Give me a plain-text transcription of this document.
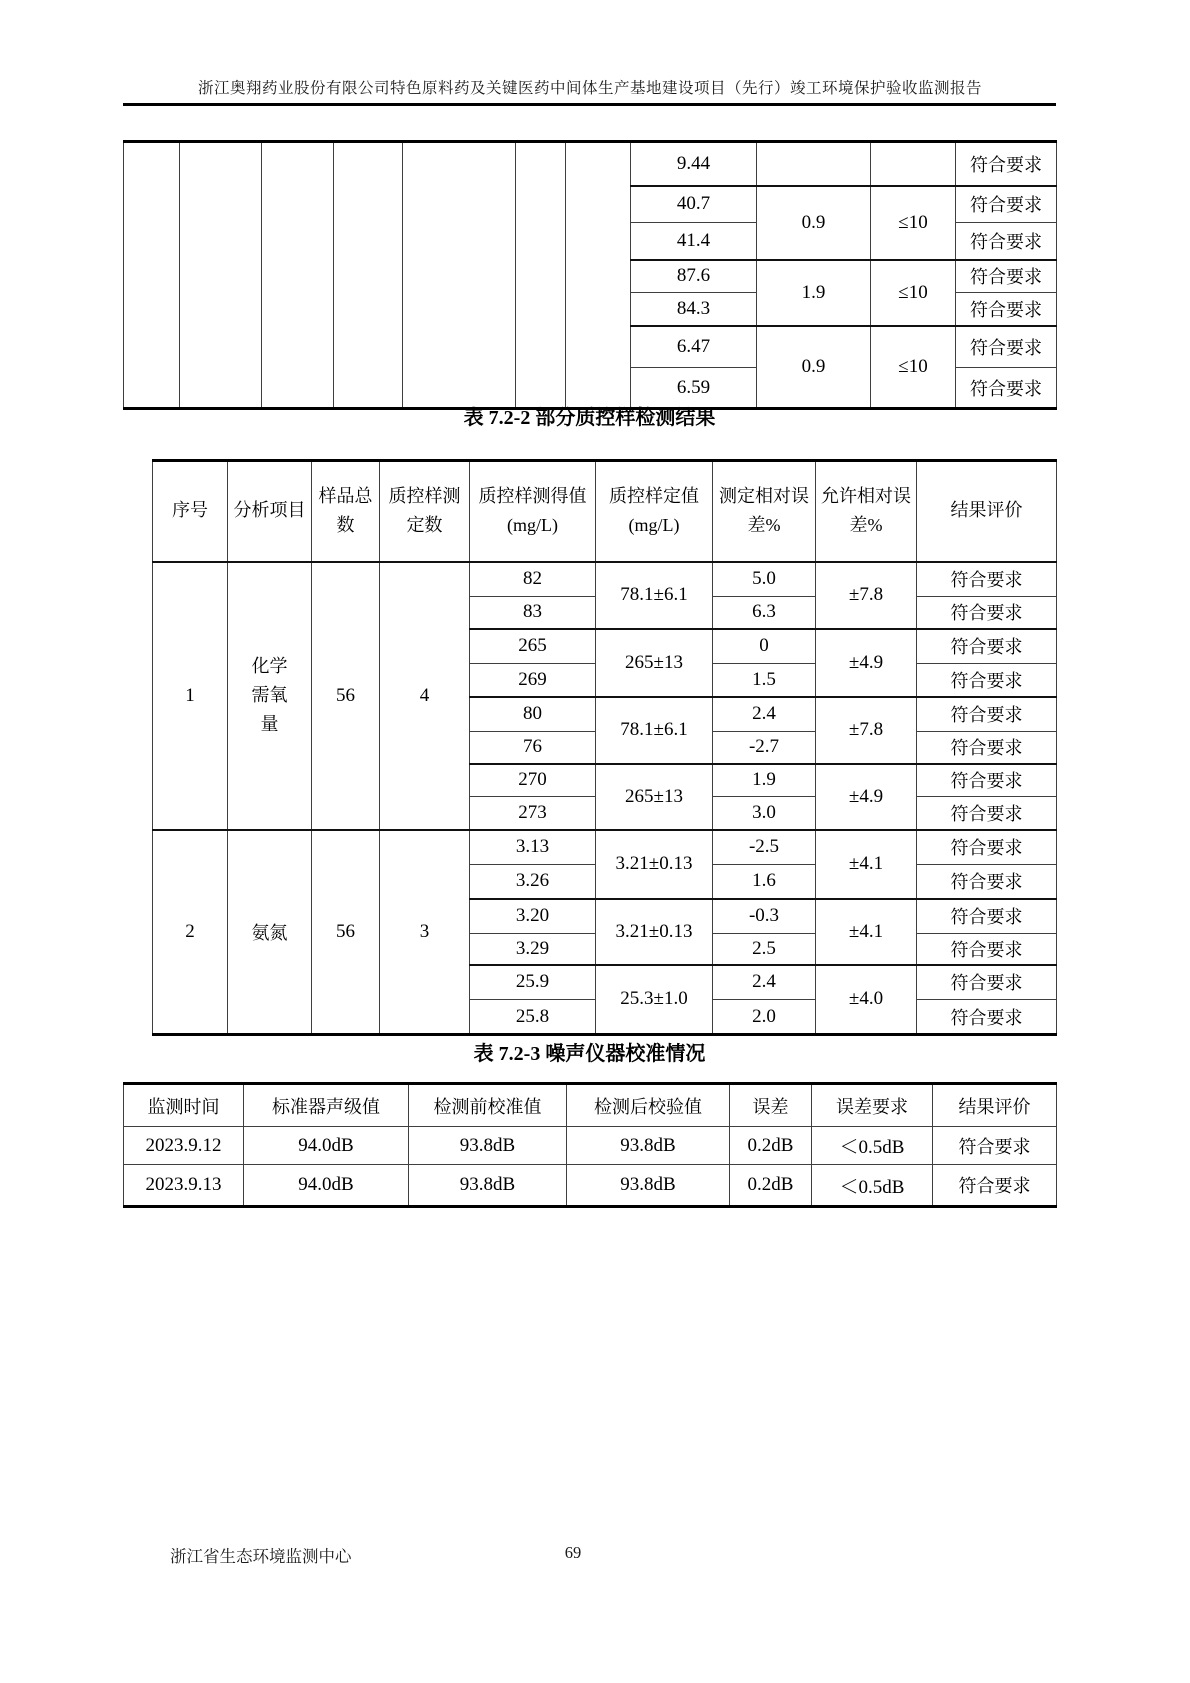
浙江奥翔药业股份有限公司特色原料药及关键医药中间体生产基地建设项目（先行）竣工环境保护验收监测报告
							9.44			符合要求
							40.7	0.9	≤10	符合要求
							41.4			符合要求
							87.6	1.9	≤10	符合要求
							84.3			符合要求
							6.47	0.9	≤10	符合要求
							6.59			符合要求
表 7.2-2 部分质控样检测结果
序号	分析项目	样品总数	质控样测定数	质控样测得值(mg/L)	质控样定值(mg/L)	测定相对误差%	允许相对误差%	结果评价
1	化学需氧量	56	4	82	78.1±6.1	5.0	±7.8	符合要求
				83		6.3		符合要求
				265	265±13	0	±4.9	符合要求
				269		1.5		符合要求
				80	78.1±6.1	2.4	±7.8	符合要求
				76		-2.7		符合要求
				270	265±13	1.9	±4.9	符合要求
				273		3.0		符合要求
2	氨氮	56	3	3.13	3.21±0.13	-2.5	±4.1	符合要求
				3.26		1.6		符合要求
				3.20	3.21±0.13	-0.3	±4.1	符合要求
				3.29		2.5		符合要求
				25.9	25.3±1.0	2.4	±4.0	符合要求
				25.8		2.0		符合要求
表 7.2-3 噪声仪器校准情况
监测时间	标准器声级值	检测前校准值	检测后校验值	误差	误差要求	结果评价
2023.9.12	94.0dB	93.8dB	93.8dB	0.2dB	＜0.5dB	符合要求
2023.9.13	94.0dB	93.8dB	93.8dB	0.2dB	＜0.5dB	符合要求
浙江省生态环境监测中心	69
